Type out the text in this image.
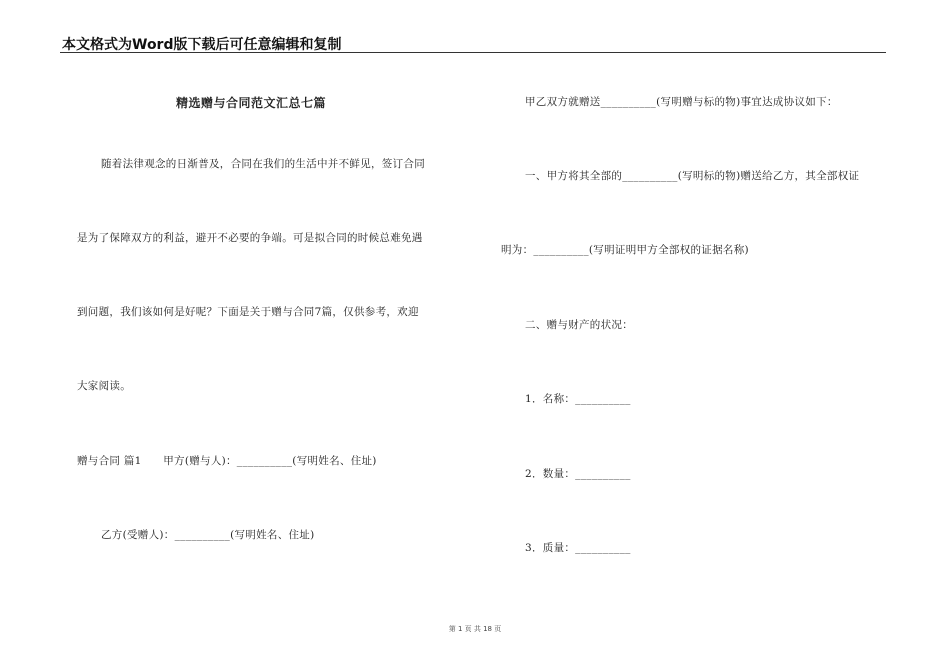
本文格式为Word版下载后可任意编辑和复制
精选赠与合同范文汇总七篇
随着法律观念的日渐普及，合同在我们的生活中并不鲜见，签订合同
是为了保障双方的利益，避开不必要的争端。可是拟合同的时候总难免遇
到问题，我们该如何是好呢？下面是关于赠与合同7篇，仅供参考，欢迎
大家阅读。
赠与合同 篇1　　甲方(赠与人)：__________(写明姓名、住址)
乙方(受赠人)：__________(写明姓名、住址)
甲乙双方就赠送__________(写明赠与标的物)事宜达成协议如下：
一、甲方将其全部的__________(写明标的物)赠送给乙方，其全部权证
明为：__________(写明证明甲方全部权的证据名称)
二、赠与财产的状况：
1．名称：__________
2．数量：__________
3．质量：__________
第 1 页 共 18 页
